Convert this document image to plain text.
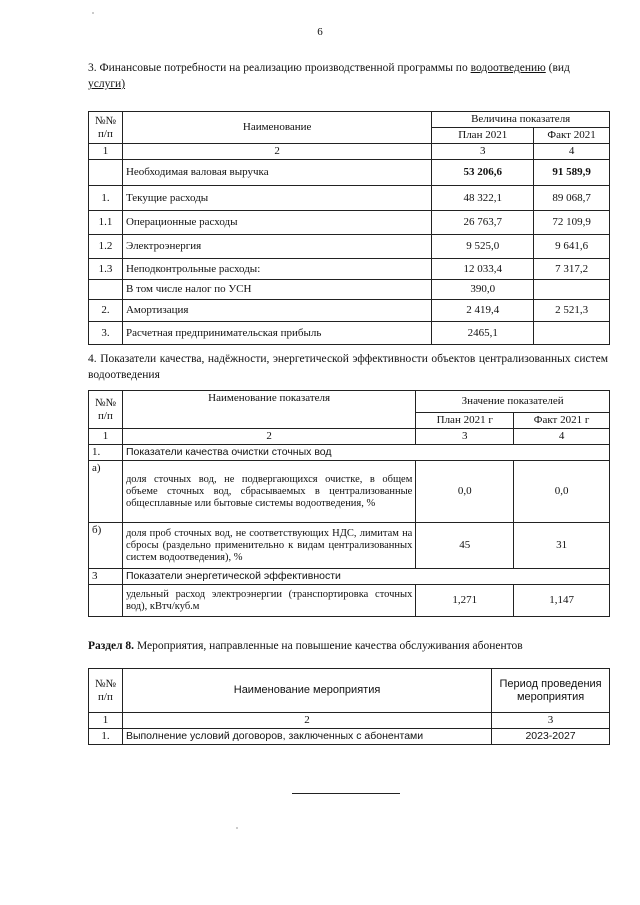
6
3. Финансовые потребности на реализацию производственной программы по водоотведению (вид
услуги)
№№ п/п	Наименование	Величина показателя	
		План 2021	Факт 2021
1	2	3	4
	Необходимая валовая выручка	53 206,6	91 589,9
1.	Текущие расходы	48 322,1	89 068,7
1.1	Операционные расходы	26 763,7	72 109,9
1.2	Электроэнергия	9 525,0	9 641,6
1.3	Неподконтрольные расходы:	12 033,4	7 317,2
	В том числе налог по УСН	390,0	
2.	Амортизация	2 419,4	2 521,3
3.	Расчетная предпринимательская прибыль	2465,1	
4. Показатели качества, надёжности, энергетической эффективности объектов централизованных систем водоотведения
№№ п/п	Наименование показателя	Значение показателей	
		План 2021 г	Факт 2021 г
1	2	3	4
1.	Показатели качества очистки сточных вод		
а)	доля сточных вод, не подвергающихся очистке, в общем объеме сточных вод, сбрасываемых в централизованные общесплавные или бытовые системы водоотведения, %	0,0	0,0
б)	доля проб сточных вод, не соответствующих НДС, лимитам на сбросы (раздельно применительно к видам централизованных систем водоотведения), %	45	31
3	Показатели энергетической эффективности		
	удельный расход электроэнергии (транспортировка сточных вод), кВтч/куб.м	1,271	1,147
Раздел 8. Мероприятия, направленные на повышение качества обслуживания абонентов
№№ п/п	Наименование мероприятия	Период проведения мероприятия
1	2	3
1.	Выполнение условий договоров, заключенных с абонентами	2023-2027
